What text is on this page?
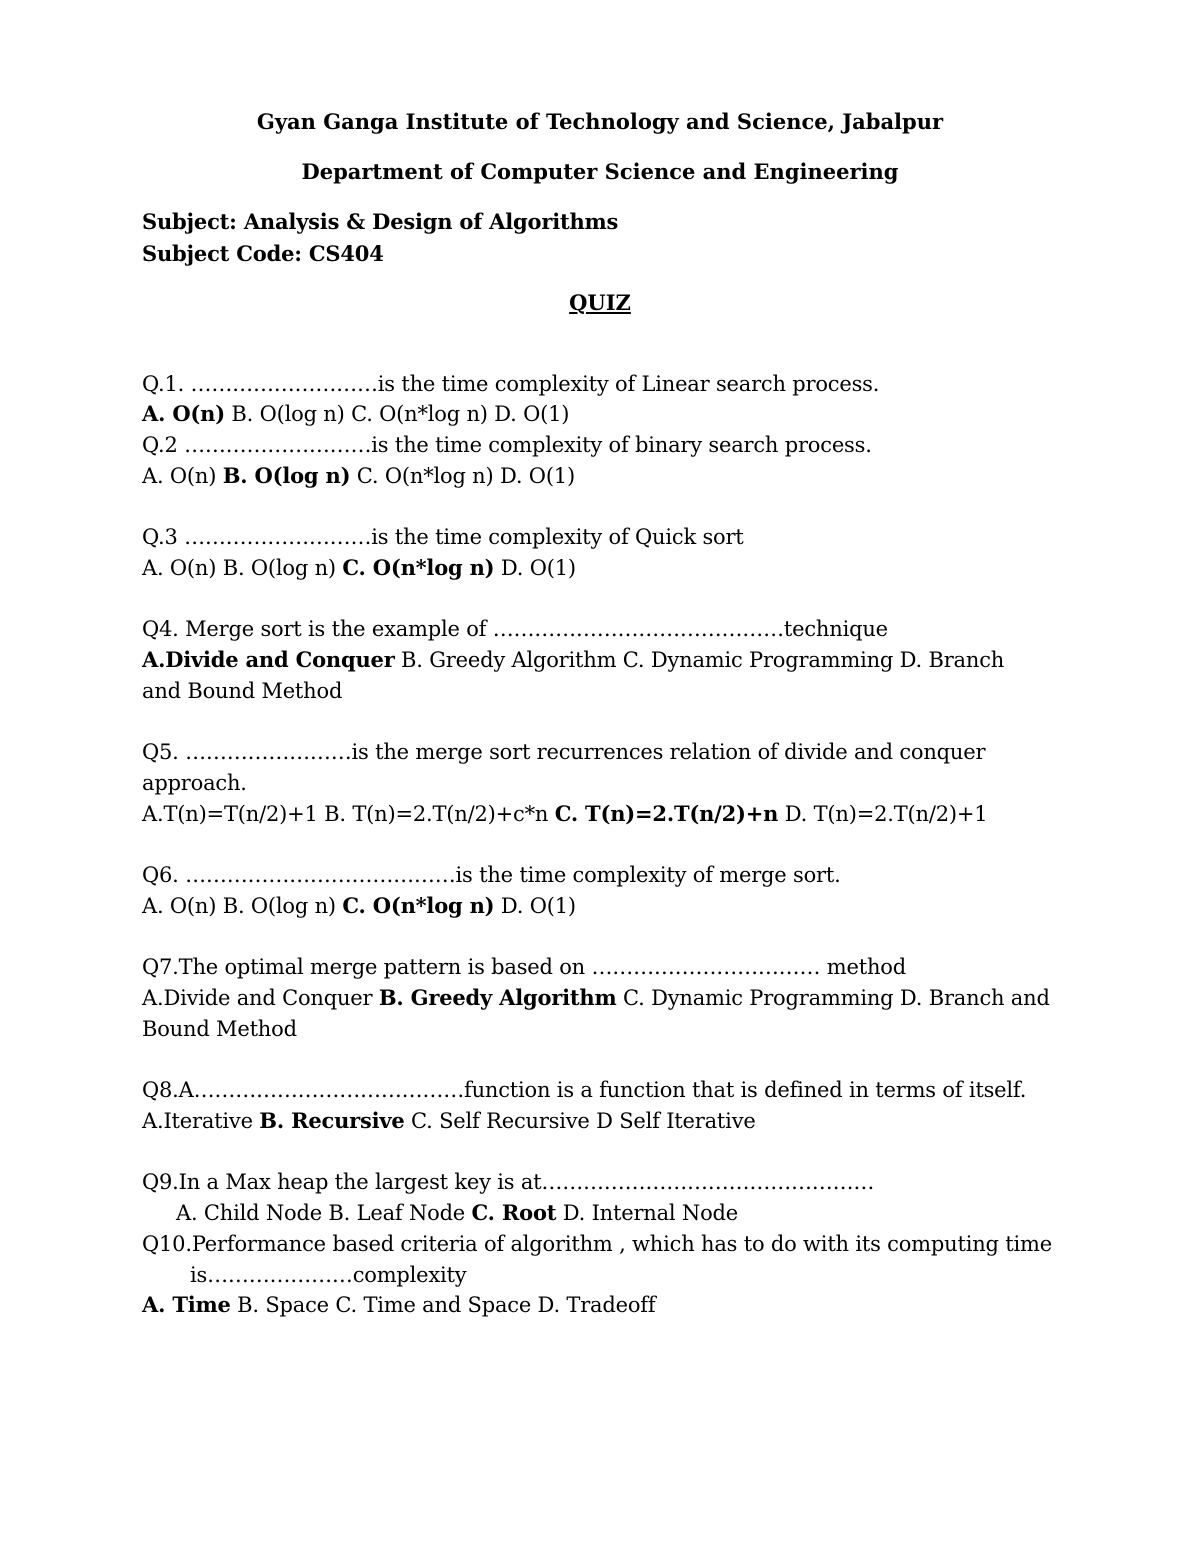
Gyan Ganga Institute of Technology and Science, Jabalpur
Department of Computer Science and Engineering
Subject: Analysis & Design of Algorithms
Subject Code: CS404
QUIZ
Q.1. ………………………is the time complexity of Linear search process.
A. O(n) B. O(log n) C. O(n*log n) D. O(1)
Q.2 ………………………is the time complexity of binary search process.
A. O(n) B. O(log n) C. O(n*log n) D. O(1)
Q.3 ………………………is the time complexity of Quick sort
A. O(n) B. O(log n) C. O(n*log n) D. O(1)
Q4. Merge sort is the example of ……………………………………technique
A.Divide and Conquer B. Greedy Algorithm C. Dynamic Programming D. Branch
and Bound Method
Q5. ……………………is the merge sort recurrences relation of divide and conquer
approach.
A.T(n)=T(n/2)+1 B. T(n)=2.T(n/2)+c*n C. T(n)=2.T(n/2)+n D. T(n)=2.T(n/2)+1
Q6. …………………………………is the time complexity of merge sort.
A. O(n) B. O(log n) C. O(n*log n) D. O(1)
Q7.The optimal merge pattern is based on …………………………… method
A.Divide and Conquer B. Greedy Algorithm C. Dynamic Programming D. Branch and
Bound Method
Q8.A…………………………………function is a function that is defined in terms of itself.
A.Iterative B. Recursive C. Self Recursive D Self Iterative
Q9.In a Max heap the largest key is at…………………………………………
A. Child Node B. Leaf Node C. Root D. Internal Node
Q10.Performance based criteria of algorithm , which has to do with its computing time
is…………………complexity
A. Time B. Space C. Time and Space D. Tradeoff
